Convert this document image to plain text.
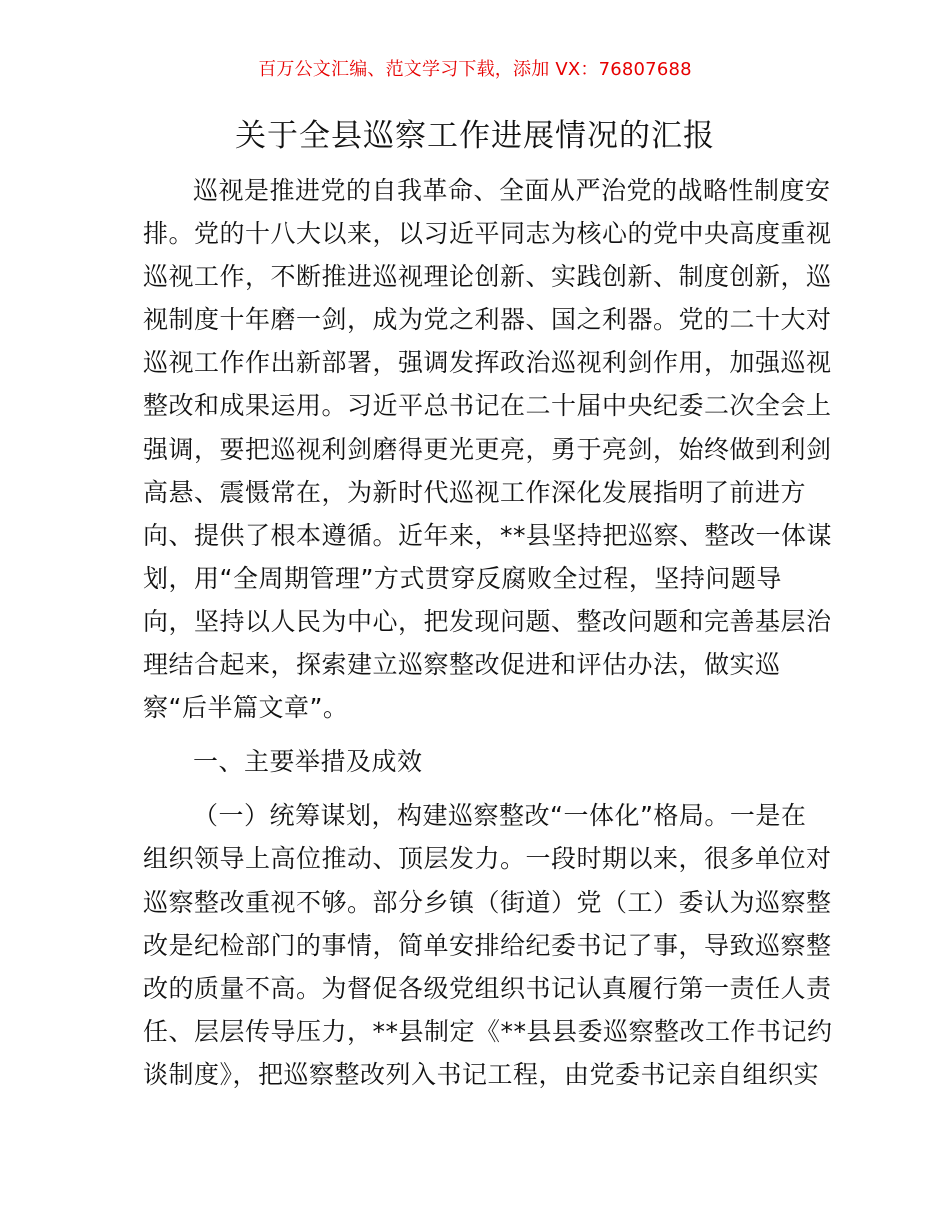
百万公文汇编、范文学习下载，添加 VX：76807688
关于全县巡察工作进展情况的汇报
巡视是推进党的自我革命、全面从严治党的战略性制度安
排。党的十八大以来，以习近平同志为核心的党中央高度重视
巡视工作，不断推进巡视理论创新、实践创新、制度创新，巡
视制度十年磨一剑，成为党之利器、国之利器。党的二十大对
巡视工作作出新部署，强调发挥政治巡视利剑作用，加强巡视
整改和成果运用。习近平总书记在二十届中央纪委二次全会上
强调，要把巡视利剑磨得更光更亮，勇于亮剑，始终做到利剑
高悬、震慑常在，为新时代巡视工作深化发展指明了前进方
向、提供了根本遵循。近年来，**县坚持把巡察、整改一体谋
划，用“全周期管理”方式贯穿反腐败全过程，坚持问题导
向，坚持以人民为中心，把发现问题、整改问题和完善基层治
理结合起来，探索建立巡察整改促进和评估办法，做实巡
察“后半篇文章”。
一、主要举措及成效
（一）统筹谋划，构建巡察整改“一体化”格局。一是在
组织领导上高位推动、顶层发力。一段时期以来，很多单位对
巡察整改重视不够。部分乡镇（街道）党（工）委认为巡察整
改是纪检部门的事情，简单安排给纪委书记了事，导致巡察整
改的质量不高。为督促各级党组织书记认真履行第一责任人责
任、层层传导压力，**县制定《**县县委巡察整改工作书记约
谈制度》，把巡察整改列入书记工程，由党委书记亲自组织实
